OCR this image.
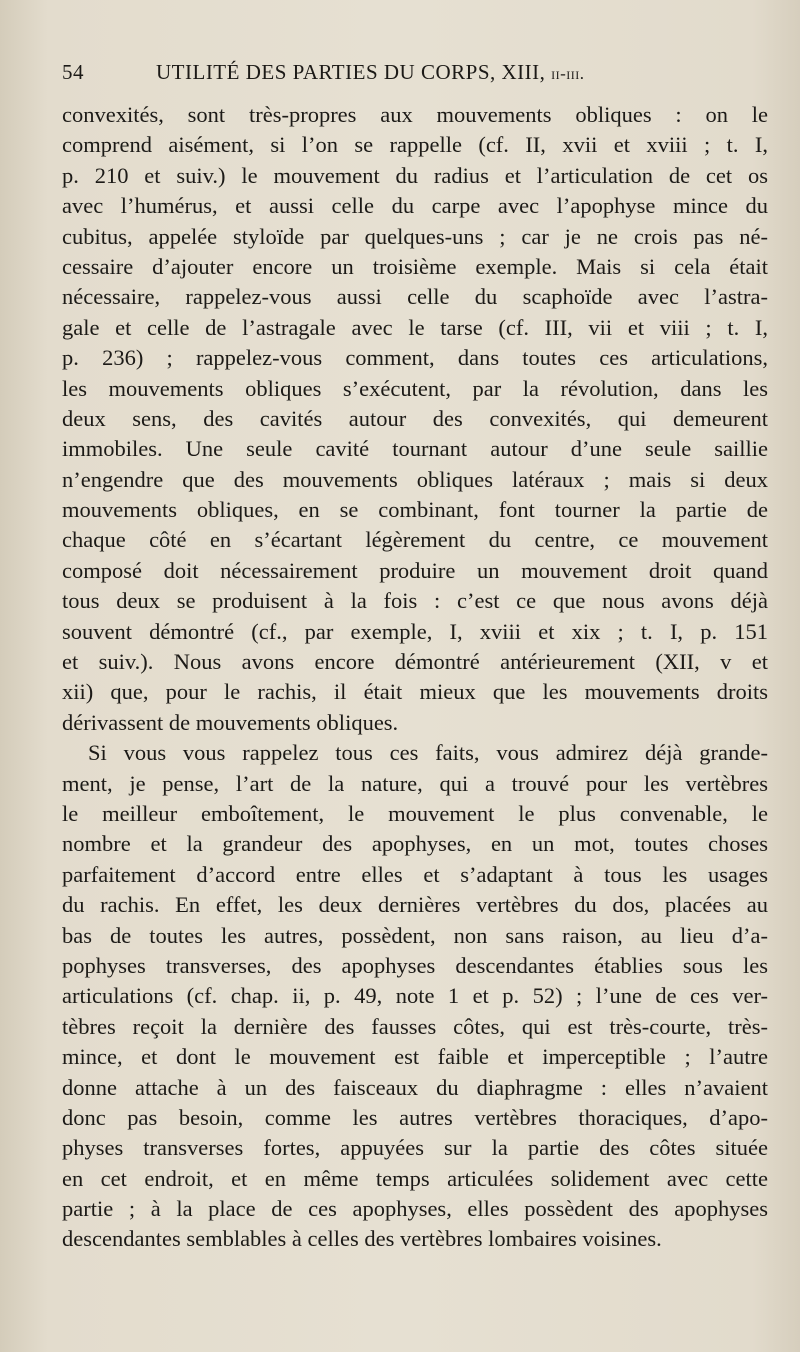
54	UTILITÉ DES PARTIES DU CORPS, XIII, ii-iii.
convexités, sont très-propres aux mouvements obliques : on le
comprend aisément, si l’on se rappelle (cf. II, xvii et xviii ; t. I,
p. 210 et suiv.) le mouvement du radius et l’articulation de cet os
avec l’humérus, et aussi celle du carpe avec l’apophyse mince du
cubitus, appelée styloïde par quelques-uns ; car je ne crois pas né-
cessaire d’ajouter encore un troisième exemple. Mais si cela était
nécessaire, rappelez-vous aussi celle du scaphoïde avec l’astra-
gale et celle de l’astragale avec le tarse (cf. III, vii et viii ; t. I,
p. 236) ; rappelez-vous comment, dans toutes ces articulations,
les mouvements obliques s’exécutent, par la révolution, dans les
deux sens, des cavités autour des convexités, qui demeurent
immobiles. Une seule cavité tournant autour d’une seule saillie
n’engendre que des mouvements obliques latéraux ; mais si deux
mouvements obliques, en se combinant, font tourner la partie de
chaque côté en s’écartant légèrement du centre, ce mouvement
composé doit nécessairement produire un mouvement droit quand
tous deux se produisent à la fois : c’est ce que nous avons déjà
souvent démontré (cf., par exemple, I, xviii et xix ; t. I, p. 151
et suiv.). Nous avons encore démontré antérieurement (XII, v et
xii) que, pour le rachis, il était mieux que les mouvements droits
dérivassent de mouvements obliques.
Si vous vous rappelez tous ces faits, vous admirez déjà grande-
ment, je pense, l’art de la nature, qui a trouvé pour les vertèbres
le meilleur emboîtement, le mouvement le plus convenable, le
nombre et la grandeur des apophyses, en un mot, toutes choses
parfaitement d’accord entre elles et s’adaptant à tous les usages
du rachis. En effet, les deux dernières vertèbres du dos, placées au
bas de toutes les autres, possèdent, non sans raison, au lieu d’a-
pophyses transverses, des apophyses descendantes établies sous les
articulations (cf. chap. ii, p. 49, note 1 et p. 52) ; l’une de ces ver-
tèbres reçoit la dernière des fausses côtes, qui est très-courte, très-
mince, et dont le mouvement est faible et imperceptible ; l’autre
donne attache à un des faisceaux du diaphragme : elles n’avaient
donc pas besoin, comme les autres vertèbres thoraciques, d’apo-
physes transverses fortes, appuyées sur la partie des côtes située
en cet endroit, et en même temps articulées solidement avec cette
partie ; à la place de ces apophyses, elles possèdent des apophyses
descendantes semblables à celles des vertèbres lombaires voisines.
